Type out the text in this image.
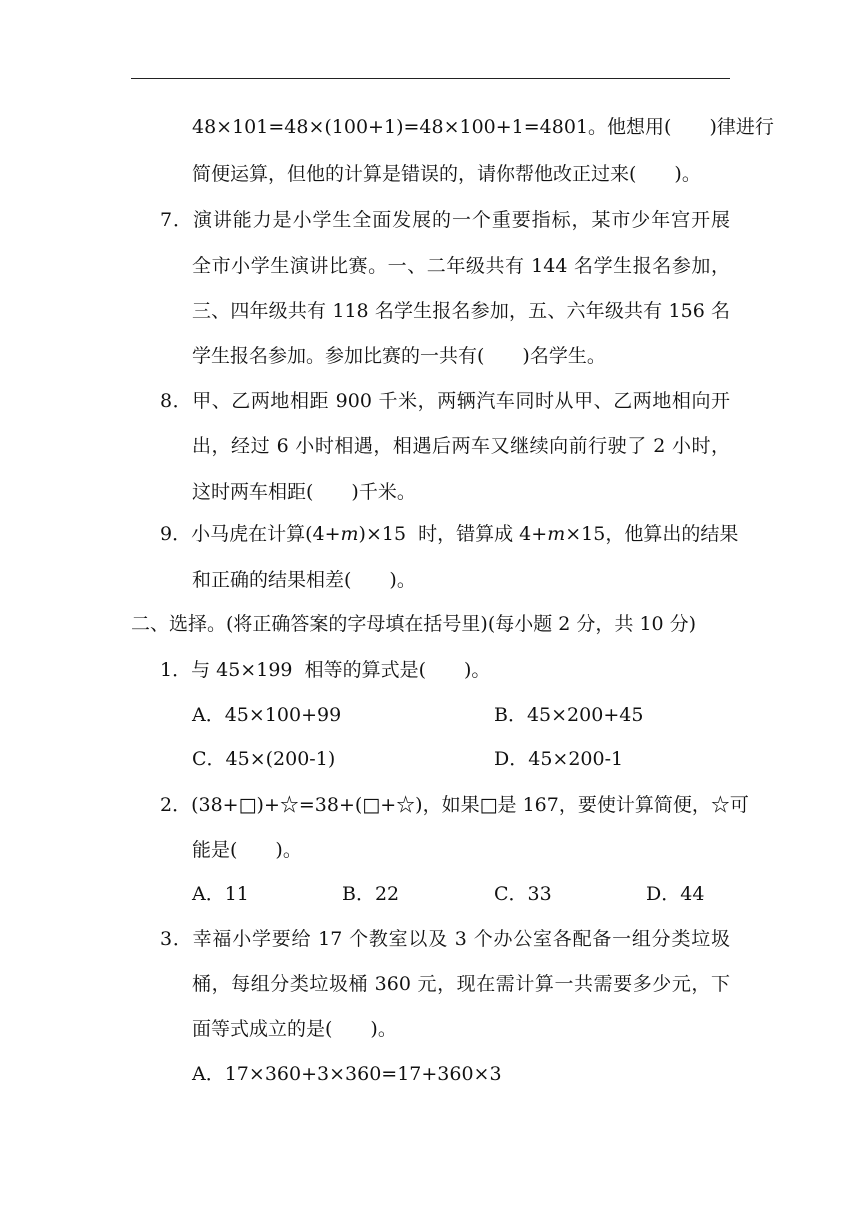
48×101=48×(100+1)=48×100+1=4801。他想用(　　)律进行
简便运算，但他的计算是错误的，请你帮他改正过来(　　)。
7．演讲能力是小学生全面发展的一个重要指标，某市少年宫开展
全市小学生演讲比赛。一、二年级共有 144 名学生报名参加，
三、四年级共有 118 名学生报名参加，五、六年级共有 156 名
学生报名参加。参加比赛的一共有(　　)名学生。
8．甲、乙两地相距 900 千米，两辆汽车同时从甲、乙两地相向开
出，经过 6 小时相遇，相遇后两车又继续向前行驶了 2 小时，
这时两车相距(　　)千米。
9．小马虎在计算(4+m)×15  时，错算成 4+m×15，他算出的结果
和正确的结果相差(　　)。
二、选择。(将正确答案的字母填在括号里)(每小题 2 分，共 10 分)
1．与 45×199  相等的算式是(　　)。
A．45×100+99	B．45×200+45
C．45×(200-1)	D．45×200-1
2．(38+□)+☆=38+(□+☆)，如果□是 167，要使计算简便，☆可
能是(　　)。
A．11	B．22	C．33	D．44
3．幸福小学要给 17 个教室以及 3 个办公室各配备一组分类垃圾
桶，每组分类垃圾桶 360 元，现在需计算一共需要多少元，下
面等式成立的是(　　)。
A．17×360+3×360=17+360×3
